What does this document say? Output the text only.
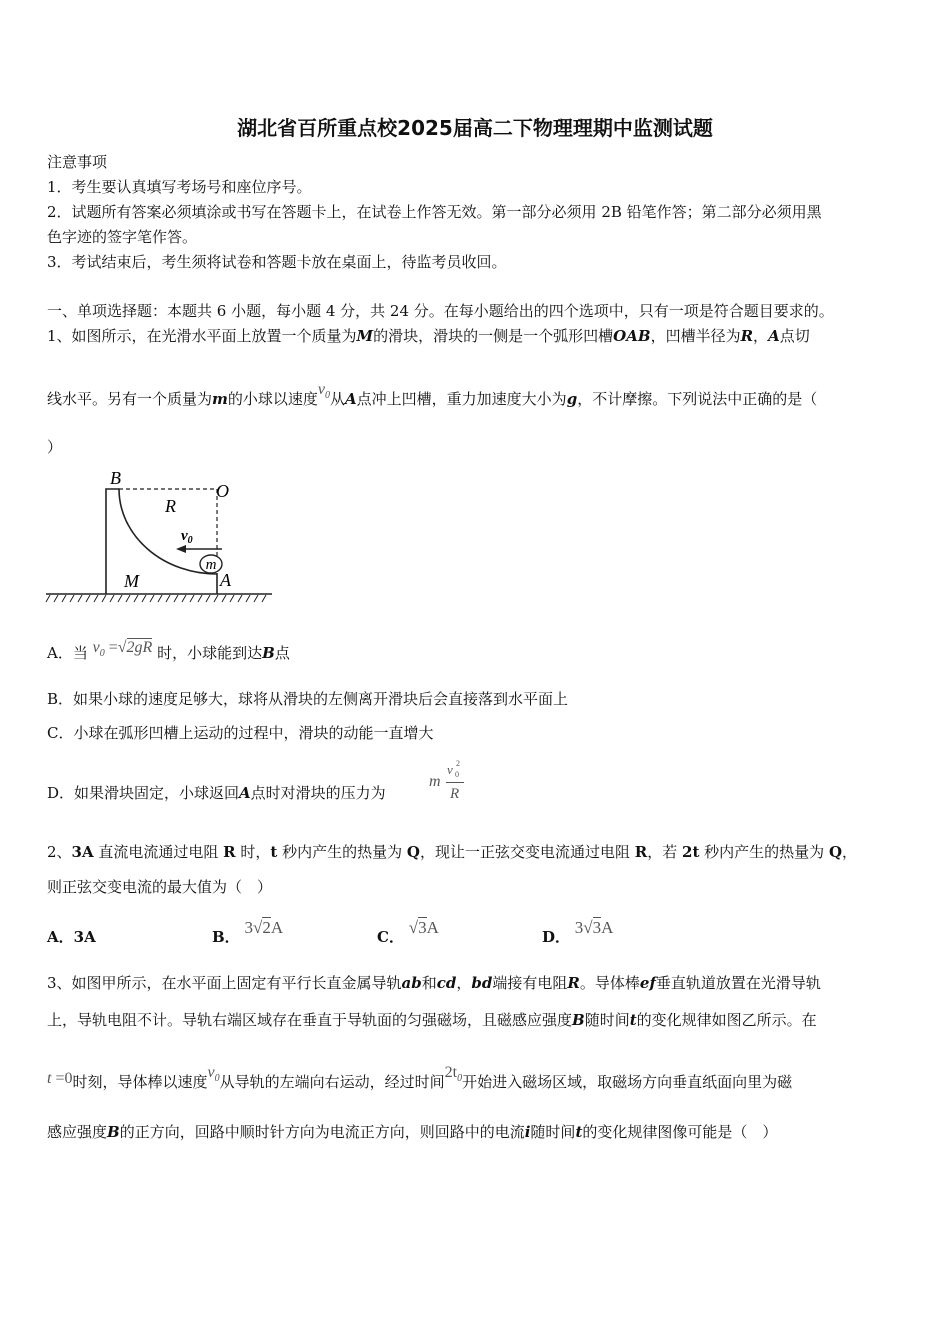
湖北省百所重点校2025届高二下物理理期中监测试题
注意事项
1．考生要认真填写考场号和座位序号。
2．试题所有答案必须填涂或书写在答题卡上，在试卷上作答无效。第一部分必须用 2B 铅笔作答；第二部分必须用黑
色字迹的签字笔作答。
3．考试结束后，考生须将试卷和答题卡放在桌面上，待监考员收回。
一、单项选择题：本题共 6 小题，每小题 4 分，共 24 分。在每小题给出的四个选项中，只有一项是符合题目要求的。
1、如图所示，在光滑水平面上放置一个质量为M的滑块，滑块的一侧是一个弧形凹槽OAB，凹槽半径为R，A点切
线水平。另有一个质量为m的小球以速度$v_0$从A点冲上凹槽，重力加速度大小为g，不计摩擦。下列说法中正确的是（
）
m
B
O
R
$v_0$
M	A
A．当 $v_0 =√2gR$ 时，小球能到达B点
B．如果小球的速度足够大，球将从滑块的左侧离开滑块后会直接落到水平面上
C．小球在弧形凹槽上运动的过程中，滑块的动能一直增大
D．如果滑块固定，小球返回A点时对滑块的压力为
m
v 2
0
R
2、3A 直流电流通过电阻 R 时，t 秒内产生的热量为 Q，现让一正弦交变电流通过电阻 R，若 2t 秒内产生的热量为 Q，
则正弦交变电流的最大值为（　）
A．3A	B． 3√2A	C． √3A	D． 3√3A
3、如图甲所示，在水平面上固定有平行长直金属导轨ab和cd，bd端接有电阻R。导体棒ef垂直轨道放置在光滑导轨
上，导轨电阻不计。导轨右端区域存在垂直于导轨面的匀强磁场，且磁感应强度B随时间t的变化规律如图乙所示。在
t =0时刻，导体棒以速度$v_0$从导轨的左端向右运动，经过时间$2t_0$开始进入磁场区域，取磁场方向垂直纸面向里为磁
感应强度B的正方向，回路中顺时针方向为电流正方向，则回路中的电流i随时间t的变化规律图像可能是（　）
